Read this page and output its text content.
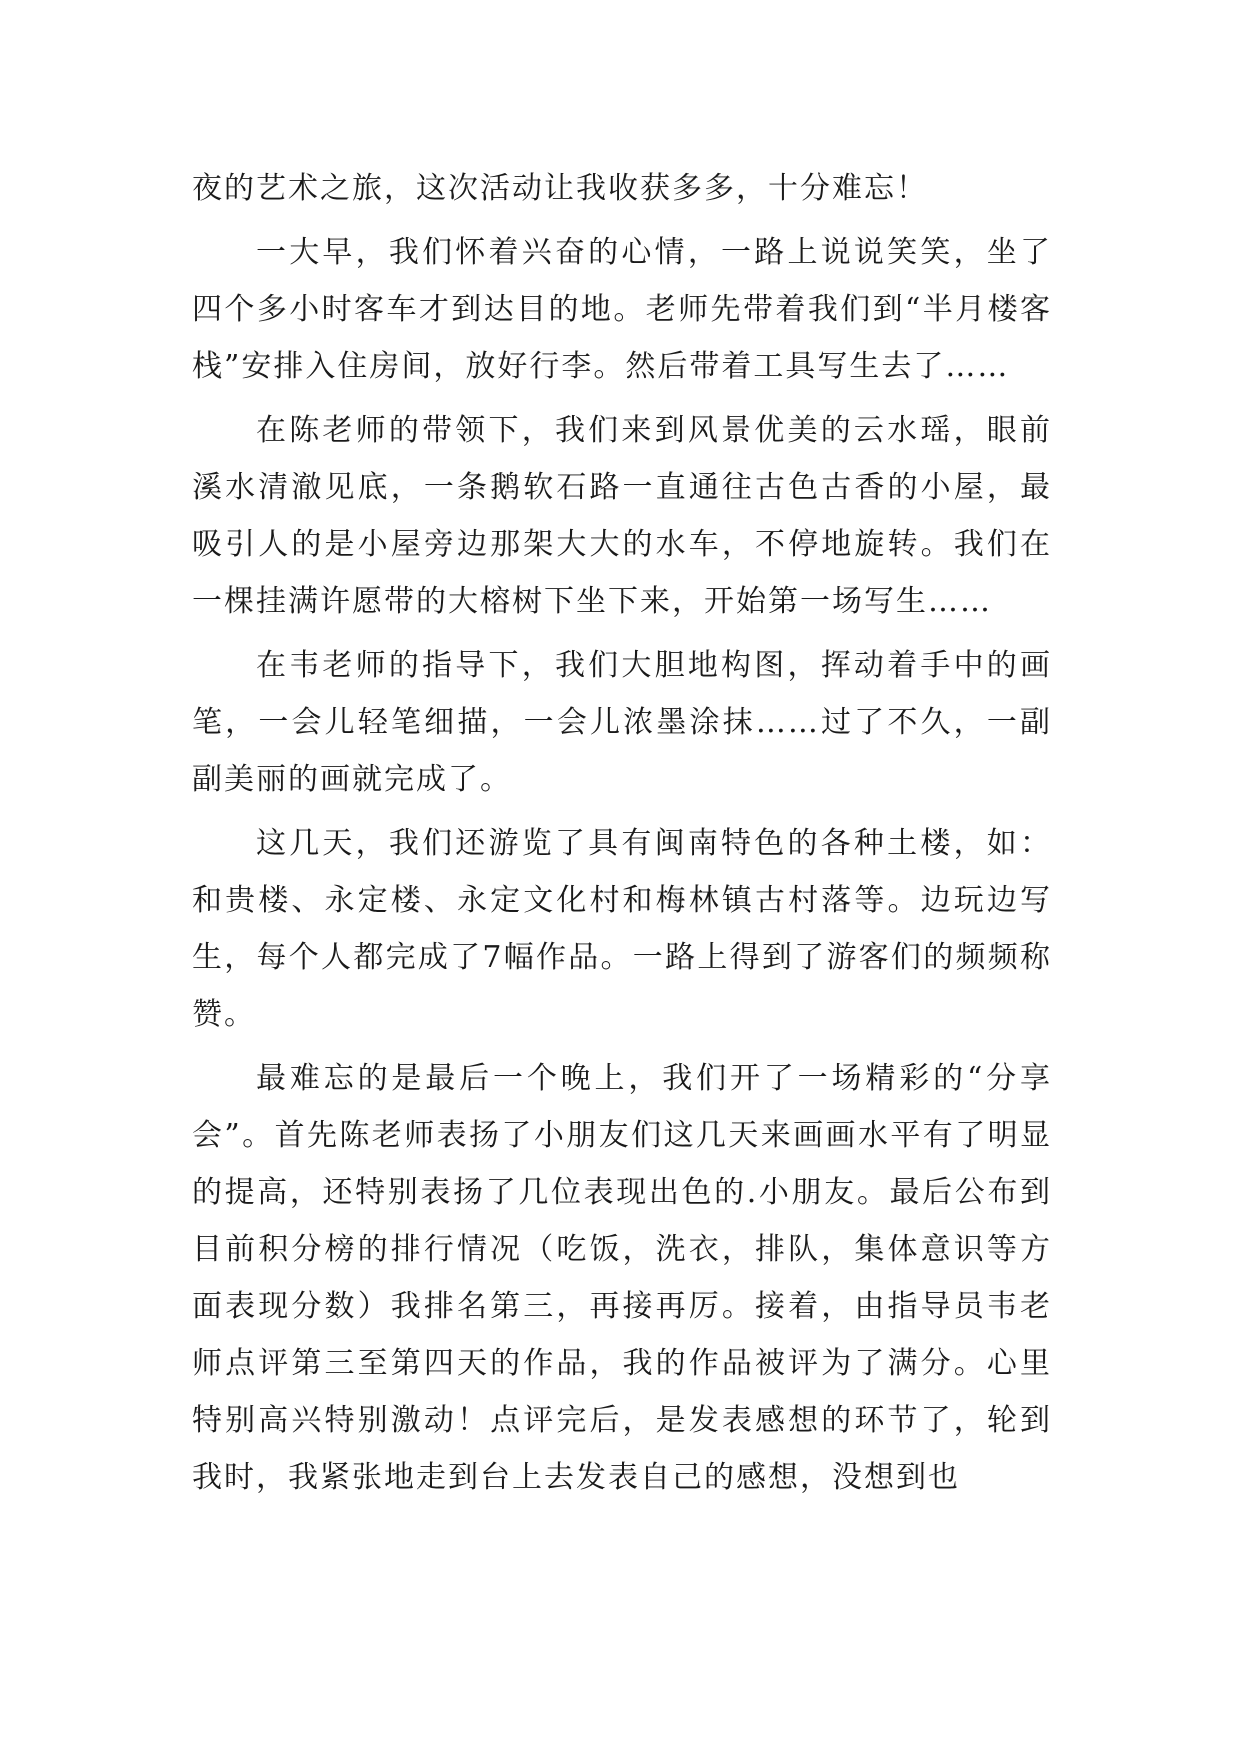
夜的艺术之旅，这次活动让我收获多多，十分难忘！

一大早，我们怀着兴奋的心情，一路上说说笑笑，坐了四个多小时客车才到达目的地。老师先带着我们到“半月楼客栈”安排入住房间，放好行李。然后带着工具写生去了……

在陈老师的带领下，我们来到风景优美的云水瑶，眼前溪水清澈见底，一条鹅软石路一直通往古色古香的小屋，最吸引人的是小屋旁边那架大大的水车，不停地旋转。我们在一棵挂满许愿带的大榕树下坐下来，开始第一场写生……

在韦老师的指导下，我们大胆地构图，挥动着手中的画笔，一会儿轻笔细描，一会儿浓墨涂抹……过了不久，一副副美丽的画就完成了。

这几天，我们还游览了具有闽南特色的各种土楼，如：和贵楼、永定楼、永定文化村和梅林镇古村落等。边玩边写生，每个人都完成了7幅作品。一路上得到了游客们的频频称赞。

最难忘的是最后一个晚上，我们开了一场精彩的“分享会”。首先陈老师表扬了小朋友们这几天来画画水平有了明显的提高，还特别表扬了几位表现出色的.小朋友。最后公布到目前积分榜的排行情况（吃饭，洗衣，排队，集体意识等方面表现分数）我排名第三，再接再厉。接着，由指导员韦老师点评第三至第四天的作品，我的作品被评为了满分。心里特别高兴特别激动！点评完后，是发表感想的环节了，轮到我时，我紧张地走到台上去发表自己的感想，没想到也
